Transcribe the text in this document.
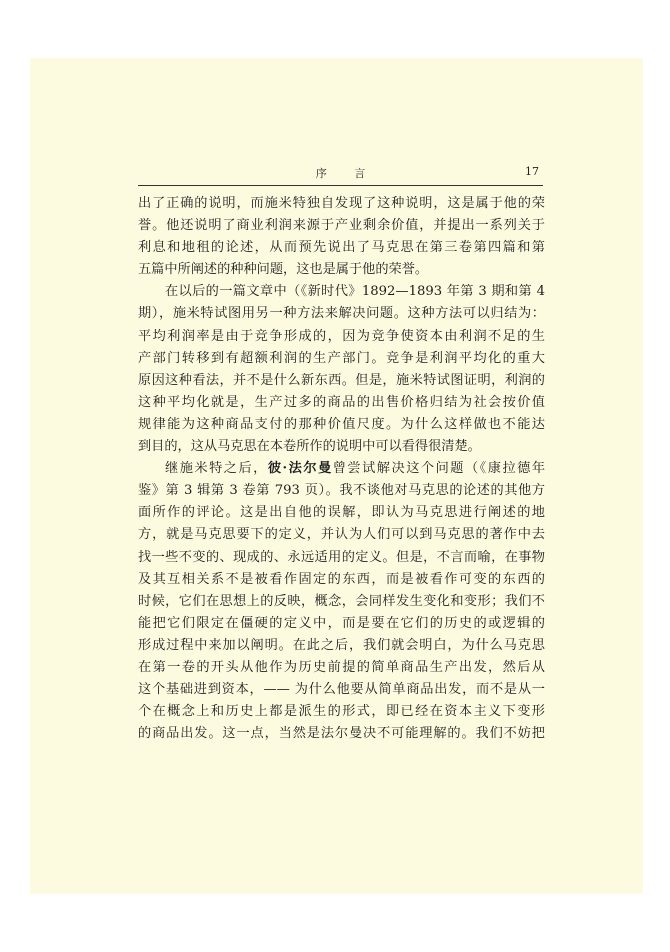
序	言	17
出了正确的说明，而施米特独自发现了这种说明，这是属于他的荣
誉。他还说明了商业利润来源于产业剩余价值，并提出一系列关于
利息和地租的论述，从而预先说出了马克思在第三卷第四篇和第
五篇中所阐述的种种问题，这也是属于他的荣誉。
在以后的一篇文章中（《新时代》1892—1893 年第 3 期和第 4
期），施米特试图用另一种方法来解决问题。这种方法可以归结为：
平均利润率是由于竞争形成的，因为竞争使资本由利润不足的生
产部门转移到有超额利润的生产部门。竞争是利润平均化的重大
原因这种看法，并不是什么新东西。但是，施米特试图证明，利润的
这种平均化就是，生产过多的商品的出售价格归结为社会按价值
规律能为这种商品支付的那种价值尺度。为什么这样做也不能达
到目的，这从马克思在本卷所作的说明中可以看得很清楚。
继施米特之后，彼·法尔曼曾尝试解决这个问题（《康拉德年
鉴》第 3 辑第 3 卷第 793 页）。我不谈他对马克思的论述的其他方
面所作的评论。这是出自他的误解，即认为马克思进行阐述的地
方，就是马克思要下的定义，并认为人们可以到马克思的著作中去
找一些不变的、现成的、永远适用的定义。但是，不言而喻，在事物
及其互相关系不是被看作固定的东西，而是被看作可变的东西的
时候，它们在思想上的反映，概念，会同样发生变化和变形；我们不
能把它们限定在僵硬的定义中，而是要在它们的历史的或逻辑的
形成过程中来加以阐明。在此之后，我们就会明白，为什么马克思
在第一卷的开头从他作为历史前提的简单商品生产出发，然后从
这个基础进到资本，—— 为什么他要从简单商品出发，而不是从一
个在概念上和历史上都是派生的形式，即已经在资本主义下变形
的商品出发。这一点，当然是法尔曼决不可能理解的。我们不妨把
